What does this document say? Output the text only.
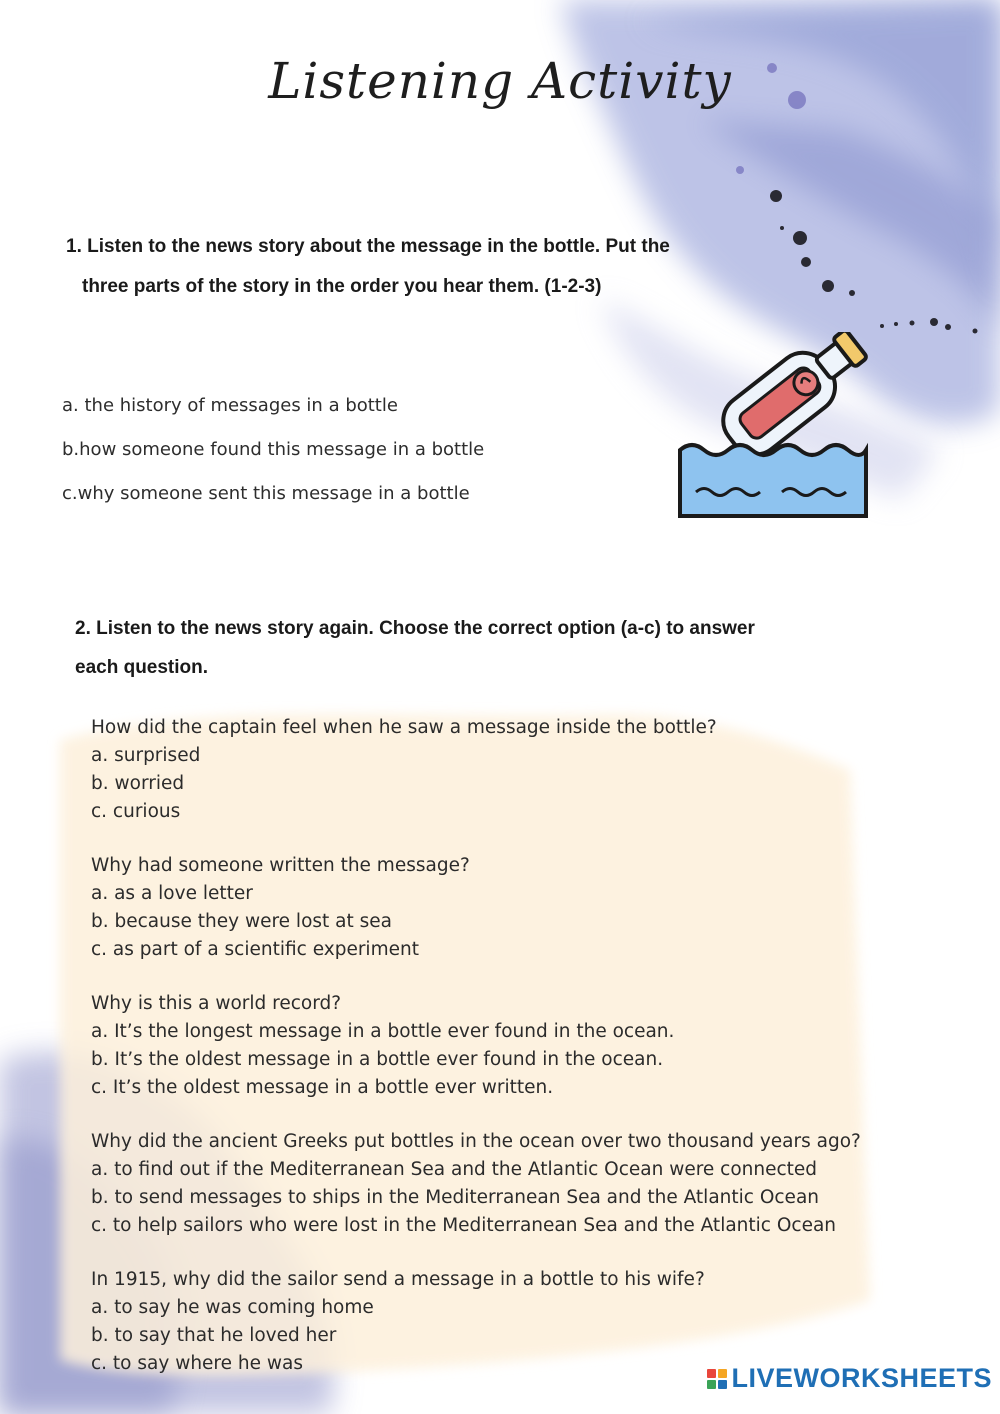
Listening Activity

1. Listen to the news story about the message in the bottle. Put the

three parts of the story in the order you hear them. (1-2-3)

a. the history of messages in a bottle
b.how someone found this message in a bottle
c.why someone sent this message in a bottle

2. Listen to the news story again. Choose the correct option (a-c) to answer

each question.

How did the captain feel when he saw a message inside the bottle?

a. surprised

b. worried

c. curious

Why had someone written the message?

a. as a love letter

b. because they were lost at sea

c. as part of a scientific experiment

Why is this a world record?

a. It’s the longest message in a bottle ever found in the ocean.

b. It’s the oldest message in a bottle ever found in the ocean.

c. It’s the oldest message in a bottle ever written.

Why did the ancient Greeks put bottles in the ocean over two thousand years ago?

a. to find out if the Mediterranean Sea and the Atlantic Ocean were connected

b. to send messages to ships in the Mediterranean Sea and the Atlantic Ocean

c. to help sailors who were lost in the Mediterranean Sea and the Atlantic Ocean

In 1915, why did the sailor send a message in a bottle to his wife?

a. to say he was coming home

b. to say that he loved her

c. to say where he was	LIVEWORKSHEETS
